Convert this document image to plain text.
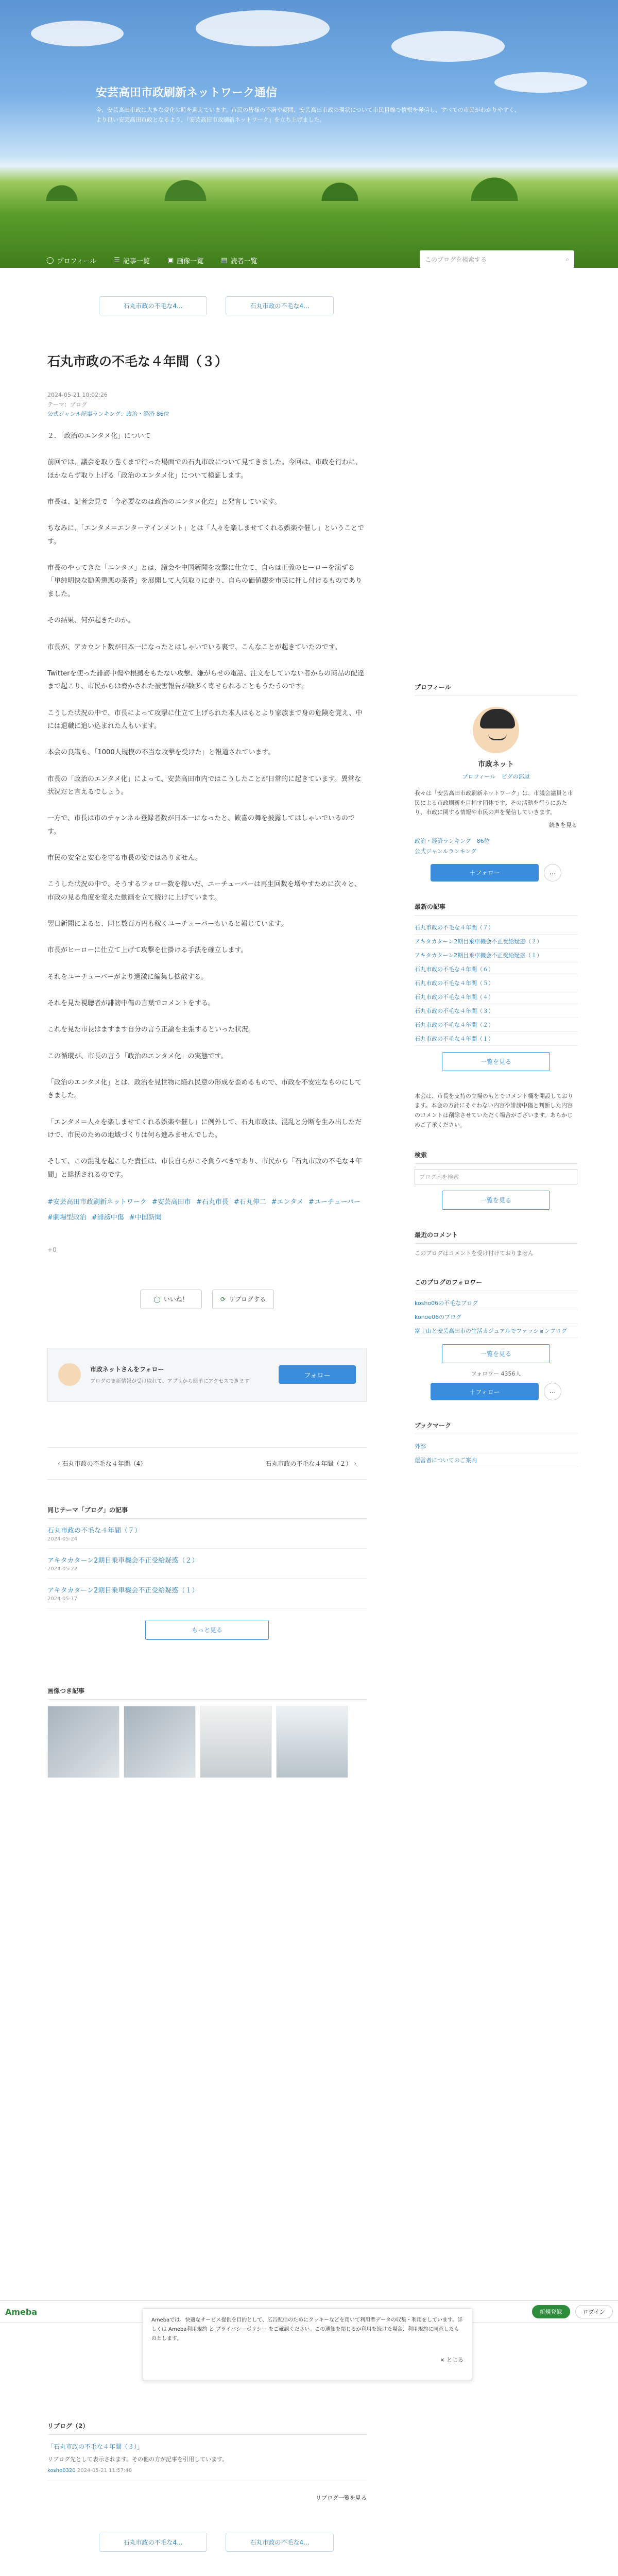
安芸高田市政刷新ネットワーク通信
今、安芸高田市政は大きな変化の時を迎えています。市民の皆様の不満や疑問、安芸高田市政の現状について市民目線で情報を発信し、すべての市民がわかりやすく、より良い安芸高田市政となるよう、『安芸高田市政刷新ネットワーク』を立ち上げました。
◯ プロフィール	☰ 記事一覧	▣ 画像一覧	▤ 読者一覧	このブログを検索する	⌕
石丸市政の不毛な4...	石丸市政の不毛な4...
石丸市政の不毛な４年間（３）
2024-05-21 10:02:26
テーマ：ブログ
公式ジャンル記事ランキング：政治・経済 86位

２．「政治のエンタメ化」について

前回では、議会を取り巻くまで行った場面での石丸市政について見てきました。今回は、市政を行わに、ほかならず取り上げる「政治のエンタメ化」について検証します。

市長は、記者会見で「今必要なのは政治のエンタメ化だ」と発言しています。

ちなみに、「エンタメ＝エンターテインメント」とは「人々を楽しませてくれる娯楽や催し」ということです。

市長のやってきた「エンタメ」とは、議会や中国新聞を攻撃に仕立て、自らは正義のヒーローを演ずる「単純明快な勧善懲悪の茶番」を展開して人気取りに走り、自らの価値観を市民に押し付けるものでありました。

その結果、何が起きたのか。

市長が、アカウント数が日本一になったとはしゃいでいる裏で、こんなことが起きていたのです。

Twitterを使った誹謗中傷や根拠をもたない攻撃、嫌がらせの電話、注文をしていない者からの商品の配達まで起こり、市民からは脅かされた被害報告が数多く寄せられることもうたうのです。

こうした状況の中で、市長によって攻撃に仕立て上げられた本人はもとより家族まで身の危険を覚え、中には退職に追い込まれた人もいます。

本会の良識も、「1000人規模の不当な攻撃を受けた」と報道されています。

市長の「政治のエンタメ化」によって、安芸高田市内ではこうしたことが日常的に起きています。異常な状況だと言えるでしょう。

一方で、市長は市のチャンネル登録者数が日本一になったと、歓喜の舞を披露してはしゃいでいるのです。

市民の安全と安心を守る市長の姿ではありません。

こうした状況の中で、そうするフォロー数を稼いだ、ユーチューバーは再生回数を増やすために次々と、市政の見る角度を変えた動画を立て続けに上げています。

翌日新聞によると、同じ数百万円も稼くユーチューバーもいると報じています。

市長がヒーローに仕立て上げて攻撃を仕掛ける手法を確立します。

それをユーチューバーがより過激に編集し拡散する。

それを見た視聴者が誹謗中傷の言葉でコメントをする。

これを見た市長はますます自分の言う正論を主張するといった状況。

この循環が、市長の言う「政治のエンタメ化」の実態です。

「政治のエンタメ化」とは、政治を見世物に陥れ民意の形成を歪めるもので、市政を不安定なものにしてきました。

「エンタメ＝人々を楽しませてくれる娯楽や催し」に例外して、石丸市政は、混乱と分断を生み出しただけで、市民のための地域づくりは何ら進みませんでした。

そして、この混乱を起こした責任は、市長自らがこそ負うべきであり、市民から「石丸市政の不毛な４年間」と総括されるのです。

#安芸高田市政刷新ネットワーク #安芸高田市 #石丸市長 #石丸伸二 #エンタメ #ユーチューバー#劇場型政治 #誹謗中傷 #中国新聞
+0
◯ いいね！	⟳ リブログする
市政ネットさんをフォロー
ブログの更新情報が受け取れて、アプリから簡単にアクセスできます
フォロー
‹ 石丸市政の不毛な４年間（4）	石丸市政の不毛な４年間（２） ›
同じテーマ「ブログ」の記事
石丸市政の不毛な４年間（７）
2024-05-24
アキタカターン2期目乗車機会不正受給疑惑（２）
2024-05-22
アキタカターン2期目乗車機会不正受給疑惑（１）
2024-05-17
もっと見る
画像つき記事
プロフィール
市政ネット
プロフィール　ピグの部屋
我々は「安芸高田市政刷新ネットワーク」は、市議会議員と市民による市政刷新を目指す団体です。その活動を行うにあたり、市政に関する情報や市民の声を発信していきます。
続きを見る
政治・経済ランキング　86位
公式ジャンルランキング
＋フォロー	…
最新の記事
石丸市政の不毛な４年間（７）
アキタカターン2期目乗車機会不正受給疑惑（２）
アキタカターン2期目乗車機会不正受給疑惑（１）
石丸市政の不毛な４年間（６）
石丸市政の不毛な４年間（５）
石丸市政の不毛な４年間（４）
石丸市政の不毛な４年間（３）
石丸市政の不毛な４年間（２）
石丸市政の不毛な４年間（１）
一覧を見る
本会は、市長を支持の立場のもとでコメント欄を開設しております。本会の方針にそぐわない内容や誹謗中傷と判断した内容のコメントは削除させていただく場合がございます。あらかじめご了承ください。
検索
ブログ内を検索
一覧を見る
最近のコメント
このブログはコメントを受け付けておりません
このブログのフォロワー
kosho06の不毛なブログ
konoe06のブログ
富士山と安芸高田市の生活カジュアルでファッションブログ
一覧を見る
フォロワー 4356人
＋フォロー	…
ブックマーク
外部
運営者についてのご案内
Ameba	新規登録	ログイン
Amebaでは、快適なサービス提供を目的として、広告配信のためにクッキーなどを用いて利用者データの収集・利用をしています。詳しくは Ameba利用規約 と プライバシーポリシー をご確認ください。この通知を閉じるか利用を続けた場合、利用規約に同意したものとします。
× とじる
リブログ（2）
「石丸市政の不毛な４年間（３）」
リブログ先として表示されます。その他の方が記事を引用しています。
kosho0320 2024-05-21 11:57:48
リブログ一覧を見る
石丸市政の不毛な4...	石丸市政の不毛な4...
